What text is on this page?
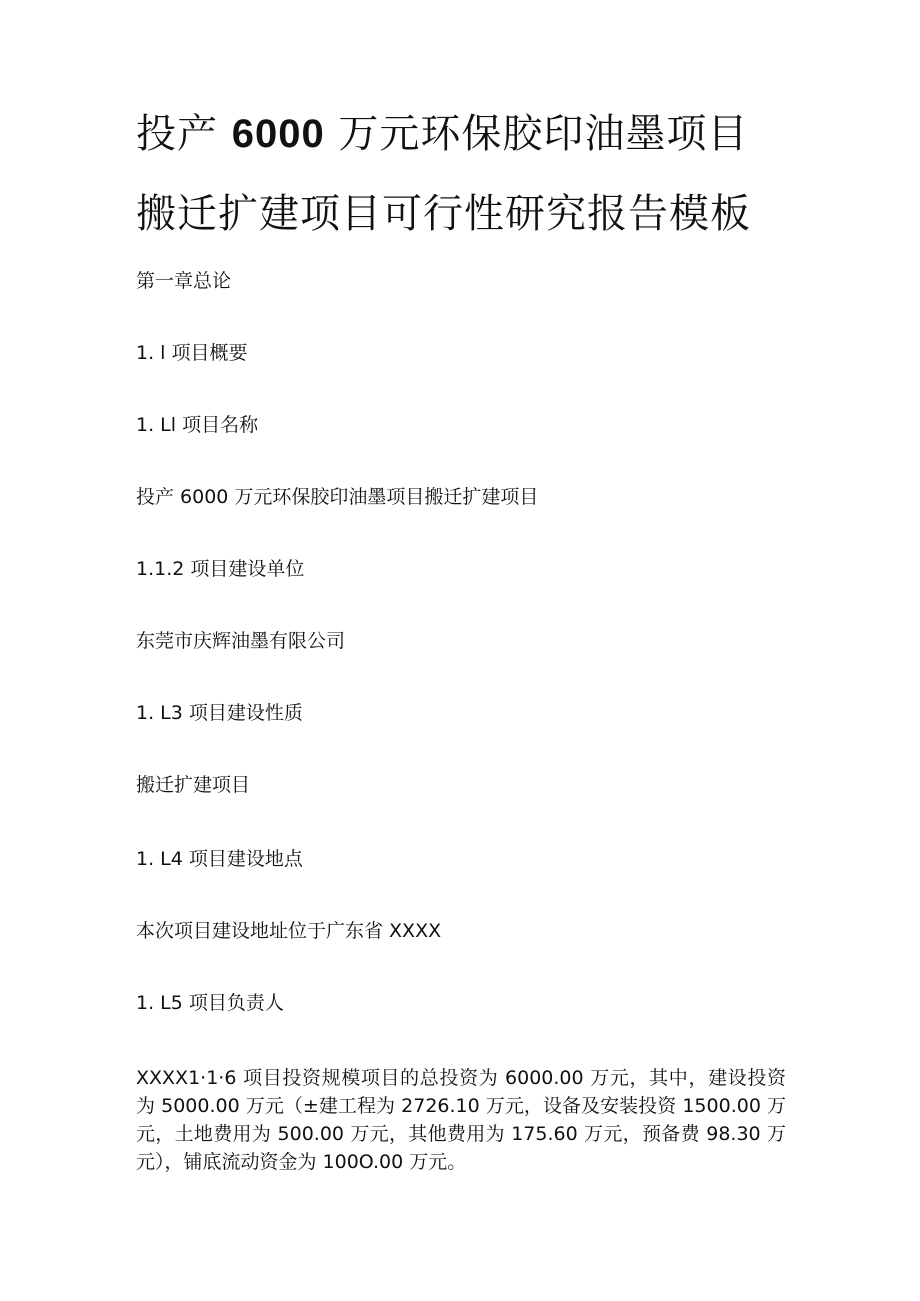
投产 6000 万元环保胶印油墨项目
搬迁扩建项目可行性研究报告模板
第一章总论
1. l 项目概要
1. Ll 项目名称
投产 6000 万元环保胶印油墨项目搬迁扩建项目
1.1.2 项目建设单位
东莞市庆辉油墨有限公司
1. L3 项目建设性质
搬迁扩建项目
1. L4 项目建设地点
本次项目建设地址位于广东省 XXXX
1. L5 项目负责人
XXXX1·1·6 项目投资规模项目的总投资为 6000.00 万元，其中，建设投资为 5000.00 万元（±建工程为 2726.10 万元，设备及安装投资 1500.00 万元，土地费用为 500.00 万元，其他费用为 175.60 万元，预备费 98.30 万元），铺底流动资金为 100O.00 万元。
